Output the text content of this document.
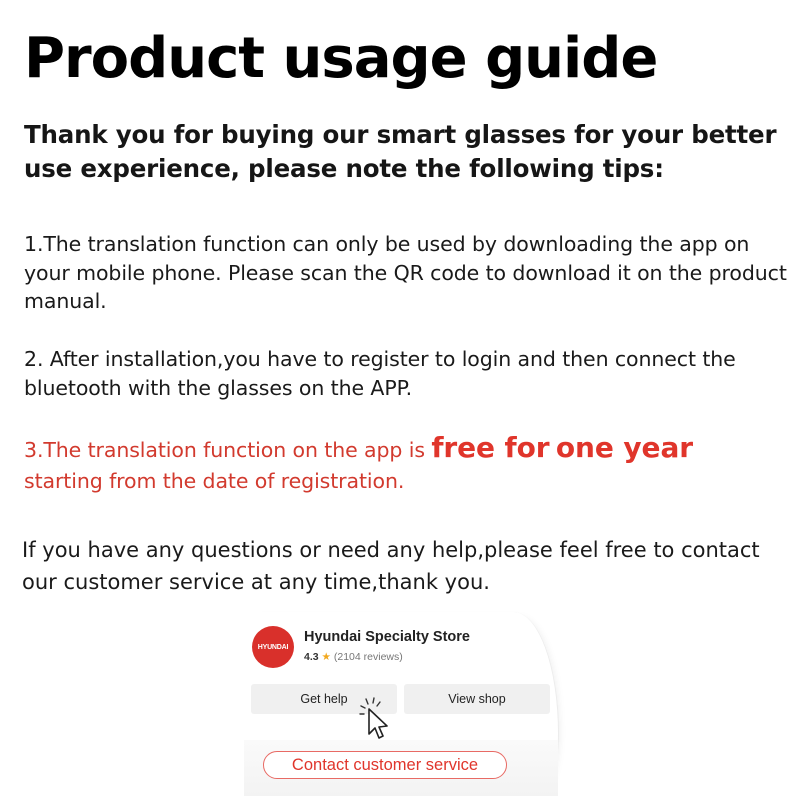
Product usage guide
Thank you for buying our smart glasses for your better use experience, please note the following tips:
1.The translation function can only be used by downloading the app on your mobile phone. Please scan the QR code to download it on the product manual.
2. After installation,you have to register to login and then connect the bluetooth with the glasses on the APP.
3.The translation function on the app is free for one year
starting from the date of registration.
If you have any questions or need any help,please feel free to contact our customer service at any time,thank you.
HYUNDAI
Hyundai Specialty Store
4.3 ★ (2104 reviews)
Get help	View shop
Contact customer service
